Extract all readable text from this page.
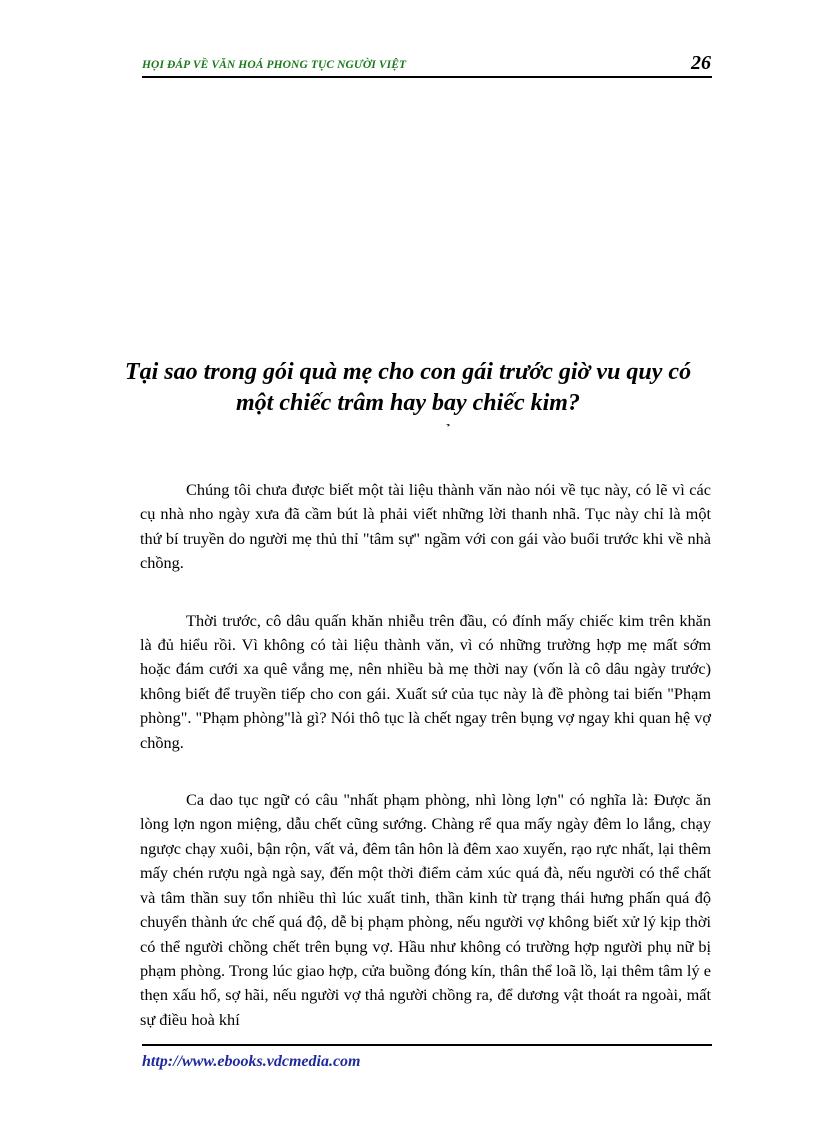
HỌI ĐÁP VỀ VĂN HOÁ PHONG TỤC NGƯỜI VIỆT	26
Tại sao trong gói quà mẹ cho con gái trước giờ vu quy có
một chiếc trâm hay bay chiếc kim?

Chúng tôi chưa được biết một tài liệu thành văn nào nói về tục này, có lẽ vì các cụ nhà nho ngày xưa đã cầm bút là phải viết những lời thanh nhã. Tục này chỉ là một thứ bí truyền do người mẹ thủ thỉ "tâm sự" ngầm với con gái vào buổi trước khi về nhà chồng.

Thời trước, cô dâu quấn khăn nhiễu trên đầu, có đính mấy chiếc kim trên khăn là đủ hiểu rồi. Vì không có tài liệu thành văn, vì có những trường hợp mẹ mất sớm hoặc đám cưới xa quê vắng mẹ, nên nhiều bà mẹ thời nay (vốn là cô dâu ngày trước) không biết để truyền tiếp cho con gái. Xuất sứ của tục này là đề phòng tai biến "Phạm phòng". "Phạm phòng"là gì? Nói thô tục là chết ngay trên bụng vợ ngay khi quan hệ vợ chồng.

Ca dao tục ngữ có câu "nhất phạm phòng, nhì lòng lợn" có nghĩa là: Được ăn lòng lợn ngon miệng, dẫu chết cũng sướng. Chàng rể qua mấy ngày đêm lo lắng, chạy ngược chạy xuôi, bận rộn, vất vả, đêm tân hôn là đêm xao xuyến, rạo rực nhất, lại thêm mấy chén rượu ngà ngà say, đến một thời điểm cảm xúc quá đà, nếu người có thể chất và tâm thần suy tổn nhiều thì lúc xuất tinh, thần kinh từ trạng thái hưng phấn quá độ chuyển thành ức chế quá độ, dễ bị phạm phòng, nếu người vợ không biết xử lý kịp thời có thể người chồng chết trên bụng vợ. Hầu như không có trường hợp người phụ nữ bị phạm phòng. Trong lúc giao hợp, cửa buồng đóng kín, thân thể loã lồ, lại thêm tâm lý e thẹn xấu hổ, sợ hãi, nếu người vợ thả người chồng ra, để dương vật thoát ra ngoài, mất sự điều hoà khí

http://www.ebooks.vdcmedia.com
